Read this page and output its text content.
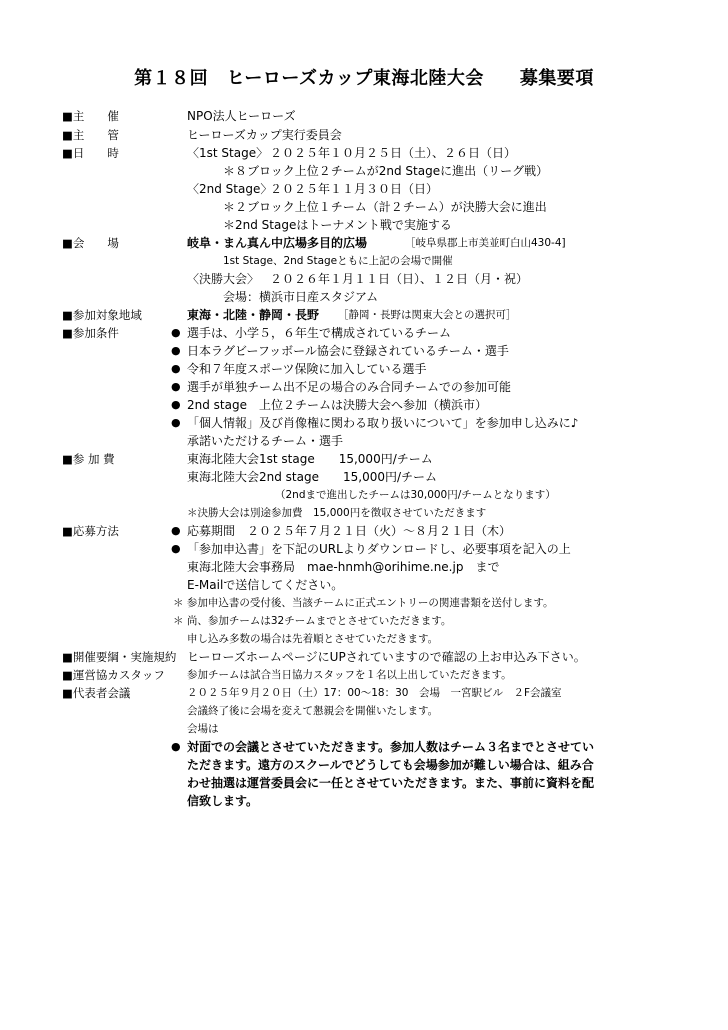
第１８回　ヒーローズカップ東海北陸大会 募集要項
■主　　催	NPO法人ヒーローズ
■主　　管	ヒーローズカップ実行委員会
■日　　時	〈1st Stage〉 ２０２５年１０月２５日（土）、２６日（日）
＊８ブロック上位２チームが2nd Stageに進出（リーグ戦）
〈2nd Stage〉
２０２５年１１月３０日（日）
＊２ブロック上位１チーム（計２チーム）が決勝大会に進出
＊2nd Stageはトーナメント戦で実施する
■会　　場	岐阜・まん真ん中広場多目的広場	［岐阜県郡上市美並町白山430-4]
1st Stage、2nd Stageともに上記の会場で開催
〈決勝大会〉 ２０２６年１月１１日（日）、１２日（月・祝）
会場：横浜市日産スタジアム
■参加対象地域	東海・北陸・静岡・長野 ［静岡・長野は関東大会との選択可］
■参加条件	● 選手は、小学５，６年生で構成されているチーム
● 日本ラグビーフッボール協会に登録されているチーム・選手
● 令和７年度スポーツ保険に加入している選手
● 選手が単独チーム出不足の場合のみ合同チームでの参加可能
● 2nd stage　上位２チームは決勝大会へ参加（横浜市）
● 「個人情報」及び肖像権に関わる取り扱いについて」を参加申し込みに♪
承諾いただけるチーム・選手
■参 加 費	東海北陸大会1st stage　　15,000円/チーム
東海北陸大会2nd stage　　15,000円/チーム
（2ndまで進出したチームは30,000円/チームとなります）
＊決勝大会は別途参加費　15,000円を徴収させていただきます
■応募方法	● 応募期間　２０２５年７月２１日（火）～８月２１日（木）
● 「参加申込書」を下記のURLよりダウンロードし、必要事項を記入の上
東海北陸大会事務局　mae-hnmh@orihime.ne.jp　まで
E-Mailで送信してください。
＊ 参加申込書の受付後、当該チームに正式エントリーの関連書類を送付します。
＊ 尚、参加チームは32チームまでとさせていただきます。
申し込み多数の場合は先着順とさせていただきます。
■開催要綱・実施規約 ヒーローズホームページにUPされていますので確認の上お申込み下さい。
■運営協カスタッフ 参加チームは試合当日協力スタッフを１名以上出していただきます。
■代表者会議	２０２５年９月２０日（土）17：00～18：30　会場　一宮駅ビル　２F会議室
会議終了後に会場を変えて懇親会を開催いたします。
会場は
● 対面での会議とさせていただきます。参加人数はチーム３名までとさせてい
ただきます。遠方のスクールでどうしても会場参加が難しい場合は、組み合
わせ抽選は運営委員会に一任とさせていただきます。また、事前に資料を配
信致します。
